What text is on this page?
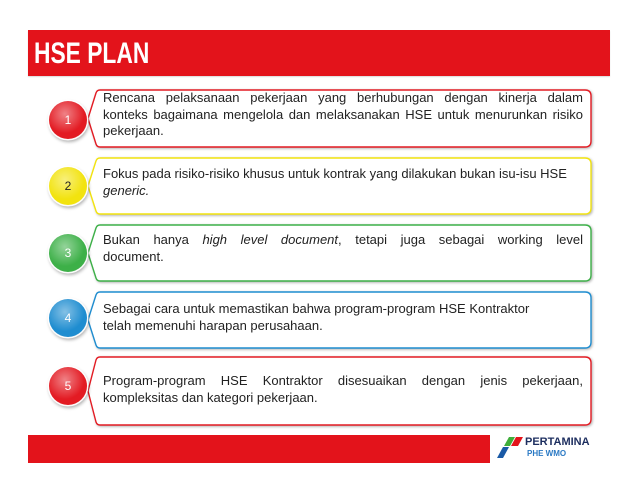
HSE PLAN
1
Rencana pelaksanaan pekerjaan yang berhubungan dengan kinerja dalam
konteks bagaimana mengelola dan melaksanakan HSE untuk menurunkan risiko
pekerjaan.
2
Fokus pada risiko-risiko khusus untuk kontrak yang dilakukan bukan isu-isu HSE
generic.
3
Bukan hanya high level document, tetapi juga sebagai working level
document.
4
Sebagai cara untuk memastikan bahwa program-program HSE Kontraktor
telah memenuhi harapan perusahaan.
5 Program-program HSE Kontraktor disesuaikan dengan jenis pekerjaan,
kompleksitas dan kategori pekerjaan.
PERTAMINA
PHE WMO
